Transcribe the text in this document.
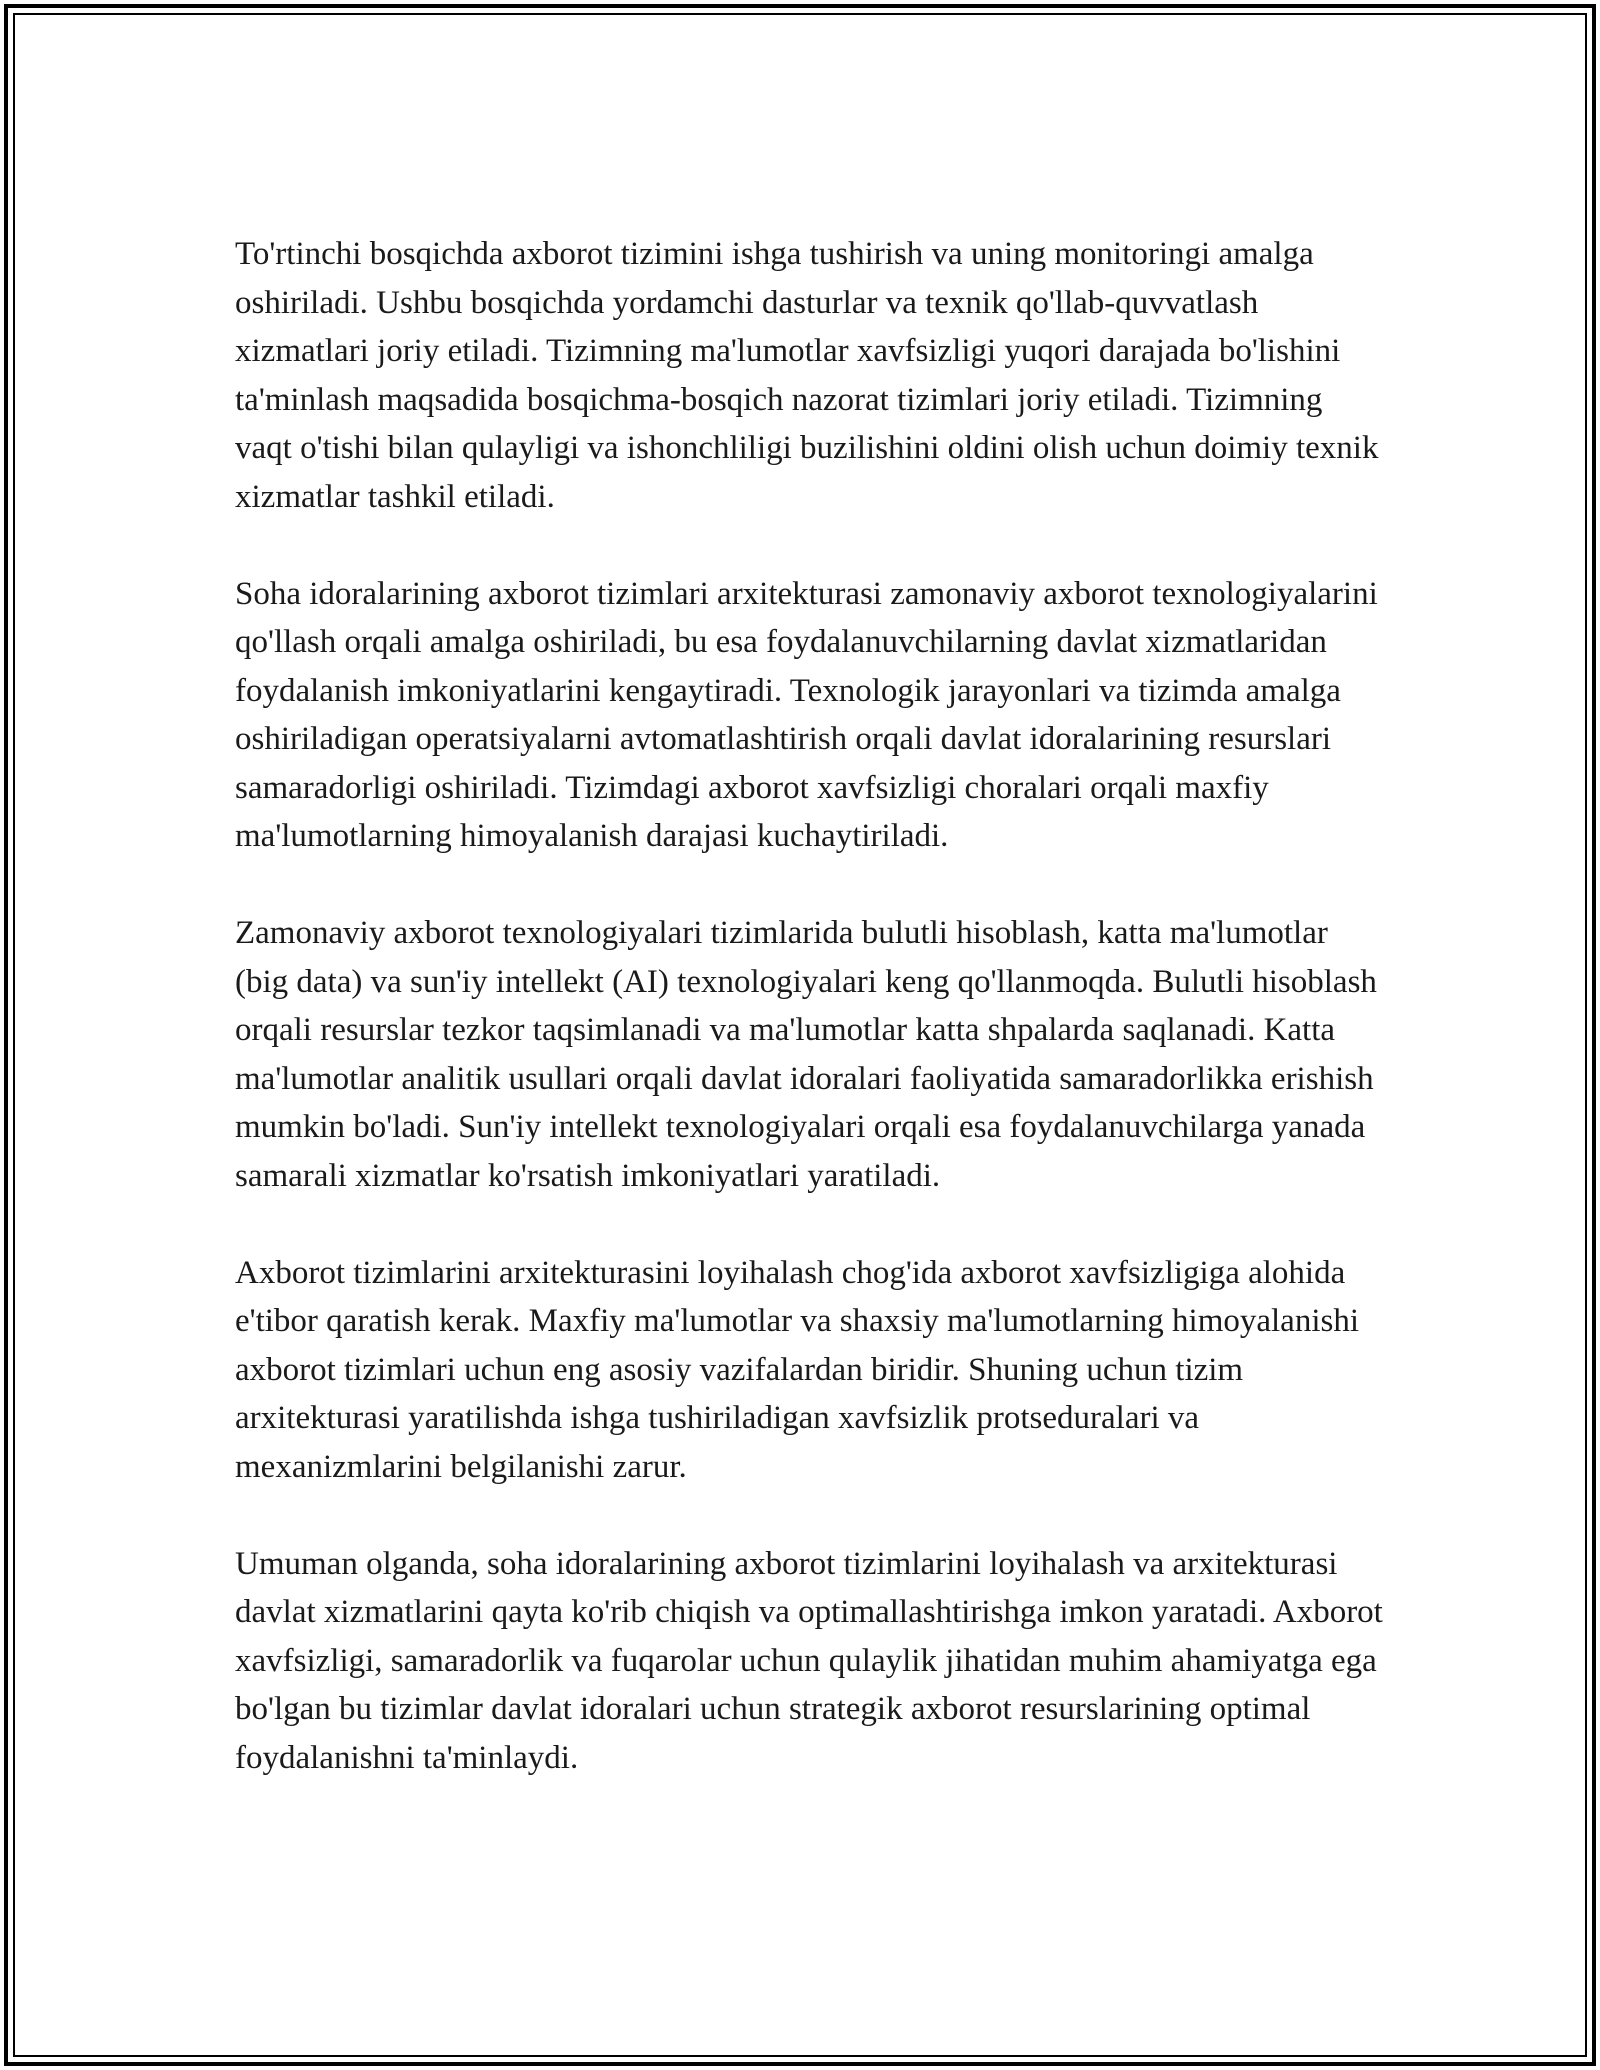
To'rtinchi bosqichda axborot tizimini ishga tushirish va uning monitoringi amalga oshiriladi. Ushbu bosqichda yordamchi dasturlar va texnik qo'llab-quvvatlash xizmatlari joriy etiladi. Tizimning ma'lumotlar xavfsizligi yuqori darajada bo'lishini ta'minlash maqsadida bosqichma-bosqich nazorat tizimlari joriy etiladi. Tizimning vaqt o'tishi bilan qulayligi va ishonchliligi buzilishini oldini olish uchun doimiy texnik xizmatlar tashkil etiladi.

Soha idoralarining axborot tizimlari arxitekturasi zamonaviy axborot texnologiyalarini qo'llash orqali amalga oshiriladi, bu esa foydalanuvchilarning davlat xizmatlaridan foydalanish imkoniyatlarini kengaytiradi. Texnologik jarayonlari va tizimda amalga oshiriladigan operatsiyalarni avtomatlashtirish orqali davlat idoralarining resurslari samaradorligi oshiriladi. Tizimdagi axborot xavfsizligi choralari orqali maxfiy ma'lumotlarning himoyalanish darajasi kuchaytiriladi.

Zamonaviy axborot texnologiyalari tizimlarida bulutli hisoblash, katta ma'lumotlar (big data) va sun'iy intellekt (AI) texnologiyalari keng qo'llanmoqda. Bulutli hisoblash orqali resurslar tezkor taqsimlanadi va ma'lumotlar katta shpalarda saqlanadi. Katta ma'lumotlar analitik usullari orqali davlat idoralari faoliyatida samaradorlikka erishish mumkin bo'ladi. Sun'iy intellekt texnologiyalari orqali esa foydalanuvchilarga yanada samarali xizmatlar ko'rsatish imkoniyatlari yaratiladi.

Axborot tizimlarini arxitekturasini loyihalash chog'ida axborot xavfsizligiga alohida e'tibor qaratish kerak. Maxfiy ma'lumotlar va shaxsiy ma'lumotlarning himoyalanishi axborot tizimlari uchun eng asosiy vazifalardan biridir. Shuning uchun tizim arxitekturasi yaratilishda ishga tushiriladigan xavfsizlik protseduralari va mexanizmlarini belgilanishi zarur.

Umuman olganda, soha idoralarining axborot tizimlarini loyihalash va arxitekturasi davlat xizmatlarini qayta ko'rib chiqish va optimallashtirishga imkon yaratadi. Axborot xavfsizligi, samaradorlik va fuqarolar uchun qulaylik jihatidan muhim ahamiyatga ega bo'lgan bu tizimlar davlat idoralari uchun strategik axborot resurslarining optimal foydalanishni ta'minlaydi.
